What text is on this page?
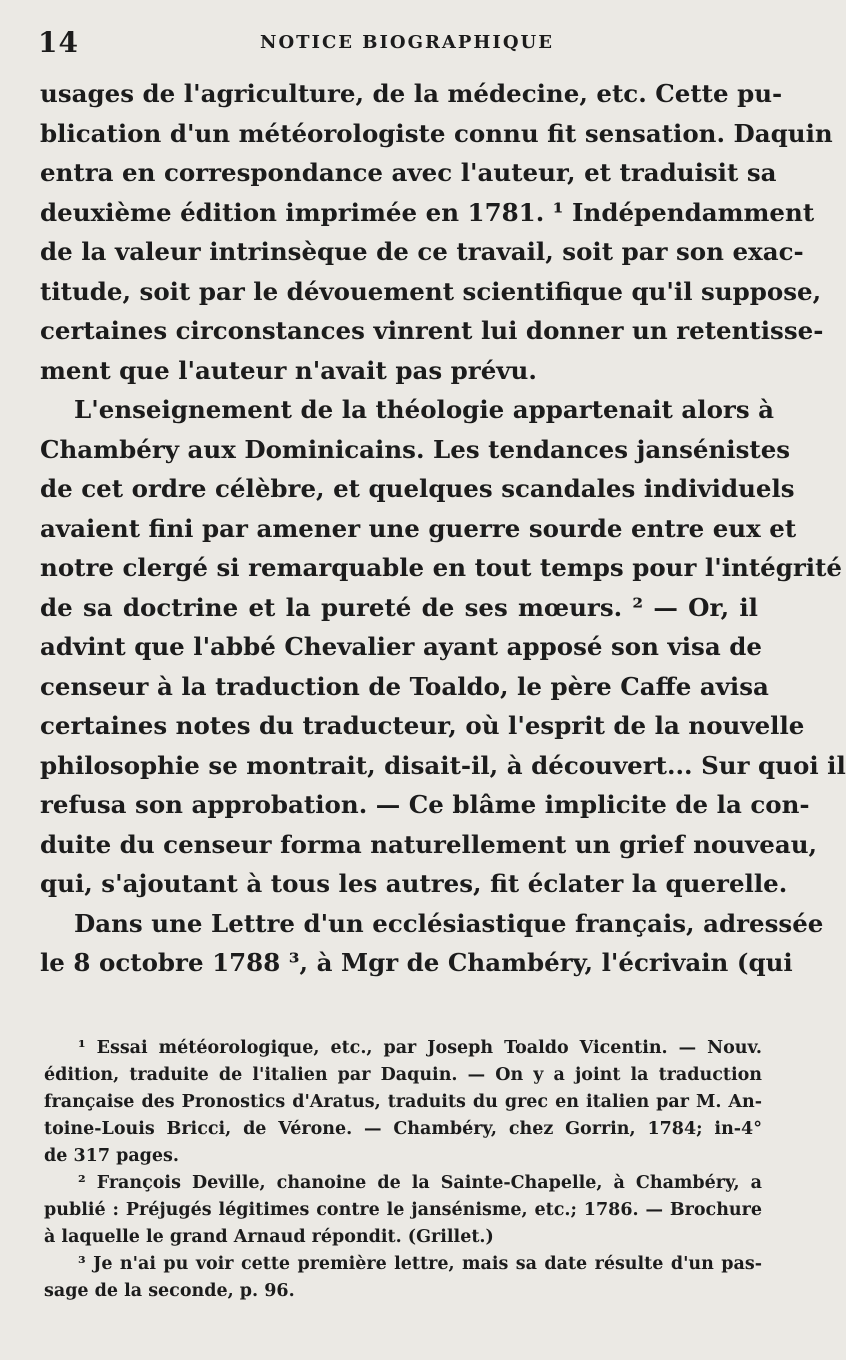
14	NOTICE BIOGRAPHIQUE
usages de l'agriculture, de la médecine, etc. Cette pu-
blication d'un météorologiste connu fit sensation. Daquin
entra en correspondance avec l'auteur, et traduisit sa
deuxième édition imprimée en 1781. ¹ Indépendamment
de la valeur intrinsèque de ce travail, soit par son exac-
titude, soit par le dévouement scientifique qu'il suppose,
certaines circonstances vinrent lui donner un retentisse-
ment que l'auteur n'avait pas prévu.
L'enseignement de la théologie appartenait alors à
Chambéry aux Dominicains. Les tendances jansénistes
de cet ordre célèbre, et quelques scandales individuels
avaient fini par amener une guerre sourde entre eux et
notre clergé si remarquable en tout temps pour l'intégrité
de sa doctrine et la pureté de ses mœurs. ² — Or, il
advint que l'abbé Chevalier ayant apposé son visa de
censeur à la traduction de Toaldo, le père Caffe avisa
certaines notes du traducteur, où l'esprit de la nouvelle
philosophie se montrait, disait-il, à découvert... Sur quoi il
refusa son approbation. — Ce blâme implicite de la con-
duite du censeur forma naturellement un grief nouveau,
qui, s'ajoutant à tous les autres, fit éclater la querelle.
Dans une Lettre d'un ecclésiastique français, adressée
le 8 octobre 1788 ³, à Mgr de Chambéry, l'écrivain (qui
¹ Essai météorologique, etc., par Joseph Toaldo Vicentin. — Nouv.
édition, traduite de l'italien par Daquin. — On y a joint la traduction
française des Pronostics d'Aratus, traduits du grec en italien par M. An-
toine-Louis Bricci, de Vérone. — Chambéry, chez Gorrin, 1784; in-4°
de 317 pages.
² François Deville, chanoine de la Sainte-Chapelle, à Chambéry, a
publié : Préjugés légitimes contre le jansénisme, etc.; 1786. — Brochure
à laquelle le grand Arnaud répondit. (Grillet.)
³ Je n'ai pu voir cette première lettre, mais sa date résulte d'un pas-
sage de la seconde, p. 96.
